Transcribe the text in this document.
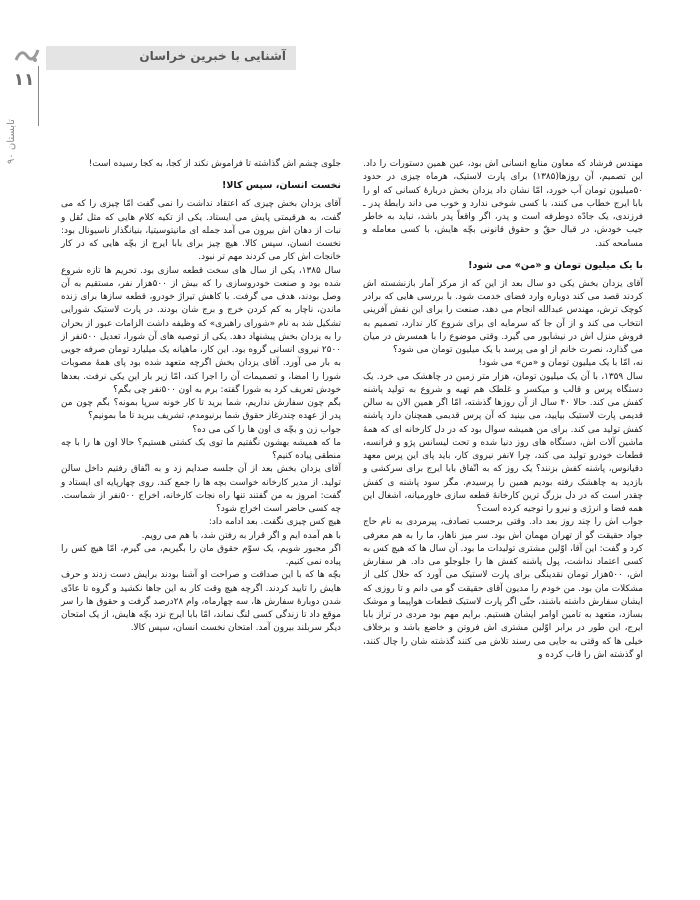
۱۱
تابستان ۹۰
آشنایی با خبرین خراسان

مهندس فرشاد که معاون منابع انسانی اش بود، عین همین دستورات را داد. این تصمیم، آن روزها(۱۳۸۵) برای پارت لاستیک، هرماه چیزی در حدود ۵۰میلیون تومان آب خورد، امّا نشان داد یزدان بخش دربارهٔ کسانی که او را بابا ایرج خطاب می کنند، با کسی شوخی ندارد و خوب می داند رابطهٔ پدر ـ فرزندی، یک جادّه دوطرفه است و پدر، اگر واقعاً پدر باشد، نباید به خاطر جیب خودش، در قبال حقّ و حقوق قانونی بچّه هایش، با کسی معامله و مسامحه کند.

با یک میلیون تومان و «من» می شود!

آقای یزدان بخش یکی دو سال بعد از این که از مرکز آمار بازنشسته اش کردند قصد می کند دوباره وارد فضای خدمت شود. با بررسی هایی که برادر کوچک ترش، مهندس عبدالله انجام می دهد، صنعت را برای این نقش آفرینی انتخاب می کند و از آن جا که سرمایه ای برای شروع کار ندارد، تصمیم به فروش منزل اش در نیشابور می گیرد. وقتی موضوع را با همسرش در میان می گذارد، نصرت خانم از او می پرسد با یک میلیون تومان می شود؟

نه، امّا با یک میلیون تومان و «من» می شود!

سال ۱۳۵۹، با آن یک میلیون تومان، هزار متر زمین در چاهشک می خرد. یک دستگاه پرس و قالب و میکسر و غلطک هم تهیه و شروع به تولید پاشنه کفش می کند. حالا ۴۰ سال از آن روزها گذشته، امّا اگر همین الان به سالن قدیمی پارت لاستیک بیایید، می بینید که آن پرس قدیمی همچنان دارد پاشنه کفش تولید می کند. برای من همیشه سوال بود که در دل کارخانه ای که همهٔ ماشین آلات اش، دستگاه های روز دنیا شده و تحت لیسانس پژو و فرانسه، قطعات خودرو تولید می کند، چرا ۷نفر نیروی کار، باید پای این پرس معهد دقیانوس، پاشنه کفش بزنند؟ یک روز که به اتّفاق بابا ایرج برای سرکشی و بازدید به چاهشک رفته بودیم همین را پرسیدم. مگر سود پاشنه ی کفش چقدر است که در دل بزرگ ترین کارخانهٔ قطعه سازی خاورمیانه، اشغال این همه فضا و انرژی و نیرو را توجیه کرده است؟

جواب اش را چند روز بعد داد. وقتی برحسب تصادف، پیرمردی به نام حاج جواد حقیقت گو از تهران مهمان اش بود. سر میز ناهار، ما را به هم معرفی کرد و گفت: این آقا، اوّلین مشتری تولیدات ما بود. آن سال ها که هیچ کس به کسی اعتماد نداشت، پول پاشنه کفش ها را جلوجلو می داد. هر سفارش اش، ۵۰۰هزار تومان نقدینگی برای پارت لاستیک می آورد که حلال کلی از مشکلات مان بود. من خودم را مدیون آقای حقیقت گو می دانم و تا روزی که ایشان سفارش داشته باشند، حتّی اگر پارت لاستیک قطعات هواپیما و موشک بسازد، متعهد به تامین اوامر ایشان هستیم. برایم مهم بود مردی در تراز بابا ایرج، این طور در برابر اوّلین مشتری اش فروتن و خاضع باشد و برخلاف خیلی ها که وقتی به جایی می رسند تلاش می کنند گذشته شان را چال کنند، او گذشته اش را قاب کرده و

جلوی چشم اش گذاشته تا فراموش نکند از کجا، به کجا رسیده است!

نخست انسان، سپس کالا!

آقای یزدان بخش چیزی که اعتقاد نداشت را نمی گفت امّا چیزی را که می گفت، به هرقیمتی پایش می ایستاد. یکی از تکیه کلام هایی که مثل نُقل و نبات از دهان اش بیرون می آمد جمله ای مانیتوسیتیا، بنیانگذار ناسیونال بود: نخست انسان، سپس کالا. هیچ چیز برای بابا ایرج از بچّه هایی که در کار خانجات اش کار می کردند مهم تر نبود.

سال ۱۳۸۵، یکی از سال های سخت قطعه سازی بود. تحریم ها تازه شروع شده بود و صنعت خودروسازی را که بیش از ۵۰۰هزار نفر، مستقیم به آن وصل بودند، هدف می گرفت. با کاهش تیراژ خودرو، قطعه سازها برای زنده ماندن، ناچار به کم کردن خرج و برج شان بودند. در پارت لاستیک شورایی تشکیل شد به نام «شورای راهبری» که وظیفه داشت الزامات عبور از بحران را به یزدان بخش پیشنهاد دهد. یکی از توصیه های آن شورا، تعدیل ۵۰۰نفر از ۲۵۰۰ نیروی انسانی گروه بود. این کار، ماهیانه یک میلیارد تومان صرفه جویی به بار می آورد. آقای یزدان بخش اگرچه متعهد شده بود پای همهٔ مصوبات شورا را امضا، و تصمیمات آن را اجرا کند، امّا زیر بار این یکی نرفت. بعدها خودش تعریف کرد به شورا گفته: برم به اون ۵۰۰نفر چی بگم؟

بگم چون سفارش نداریم، شما برید تا کار خونه سرپا بمونه؟ بگم چون من پدر از عهده چندرغاز حقوق شما برنیومدم، تشریف ببرید تا ما بمونیم؟

جواب زن و بچّه ی اون ها را کی می ده؟

ما که همیشه بهشون نگفتیم ما توی یک کشتی هستیم؟ حالا اون ها را با چه منطقی پیاده کنیم؟

آقای یزدان بخش بعد از آن جلسه صدایم زد و به اتّفاق رفتیم داخل سالن تولید. از مدیر کارخانه خواست بچه ها را جمع کند. روی چهارپایه ای ایستاد و گفت: امروز به من گفتند تنها راه نجات کارخانه، اخراج ۵۰۰نفر از شماست. چه کسی حاضر است اخراج شود؟

هیچ کس چیزی نگفت. بعد ادامه داد:

با هم آمده ایم و اگر قرار به رفتن شد، با هم می رویم.

اگر مجبور شویم، یک سوّم حقوق مان را بگیریم، می گیرم، امّا هیچ کس را پیاده نمی کنیم.

بچّه ها که با این صداقت و صراحت او آشنا بودند برایش دست زدند و حرف هایش را تایید کردند. اگرچه هیچ وقت کار به این جاها نکشید و گروه تا عادّی شدن دوبارهٔ سفارش ها، سه چهارماه، وام ۲۸درصد گرفت و حقوق ها را سر موقع داد تا زندگی کسی لنگ نماند، امّا بابا ایرج نزد بچّه هایش، از یک امتحان دیگر سربلند بیرون آمد. امتحان نخست انسان، سپس کالا.
